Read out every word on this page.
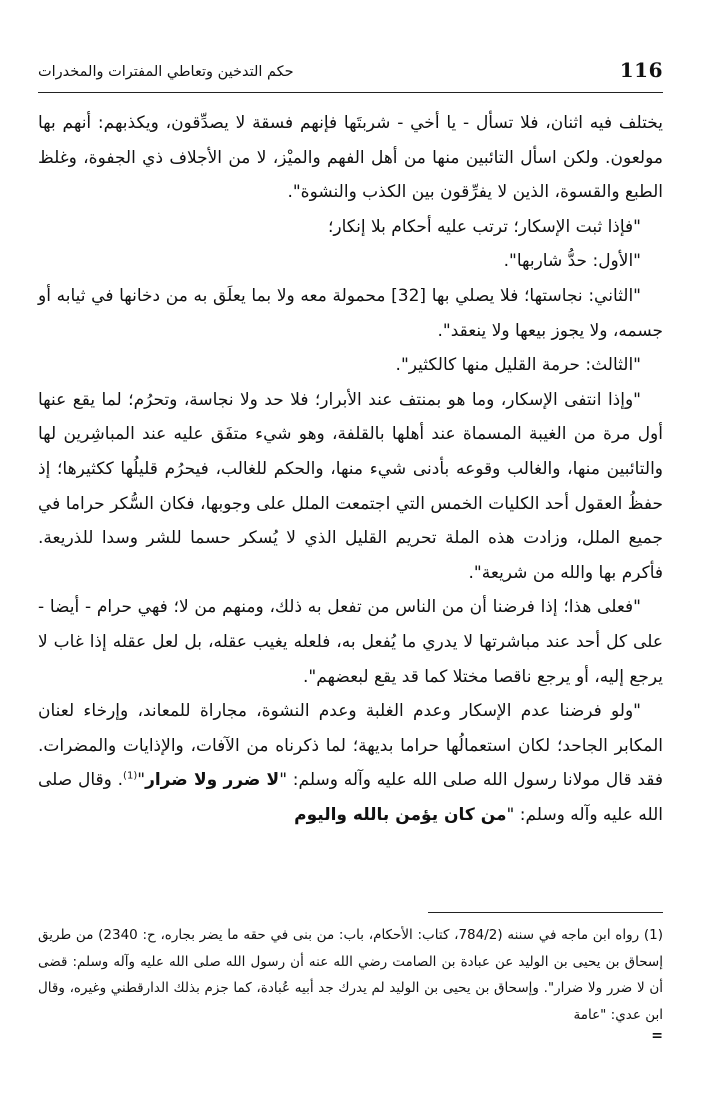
116
حكم التدخين وتعاطي المفترات والمخدرات

يختلف فيه اثنان، فلا تسأل - يا أخي - شربتَها فإنهم فسقة لا يصدِّقون، ويكذبهم: أنهم بها مولعون. ولكن اسأل التائبين منها من أهل الفهم والميْز، لا من الأجلاف ذي الجفوة، وغلظ الطبع والقسوة، الذين لا يفرِّقون بين الكذب والنشوة".

"فإذا ثبت الإسكار؛ ترتب عليه أحكام بلا إنكار؛

"الأول: حدُّ شاربها".

"الثاني: نجاستها؛ فلا يصلي بها [32] محمولة معه ولا بما يعلَق به من دخانها في ثيابه أو جسمه، ولا يجوز بيعها ولا ينعقد".

"الثالث: حرمة القليل منها كالكثير".

"وإذا انتفى الإسكار، وما هو بمنتف عند الأبرار؛ فلا حد ولا نجاسة، وتحرُم؛ لما يقع عنها أول مرة من الغيبة المسماة عند أهلها بالقلفة، وهو شيء متفَق عليه عند المباشِرين لها والتائبين منها، والغالب وقوعه بأدنى شيء منها، والحكم للغالب، فيحرُم قليلُها ككثيرها؛ إذ حفظُ العقول أحد الكليات الخمس التي اجتمعت الملل على وجوبها، فكان السُّكر حراما في جميع الملل، وزادت هذه الملة تحريم القليل الذي لا يُسكر حسما للشر وسدا للذريعة. فأكرم بها والله من شريعة".

"فعلى هذا؛ إذا فرضنا أن من الناس من تفعل به ذلك، ومنهم من لا؛ فهي حرام - أيضا - على كل أحد عند مباشرتها لا يدري ما يُفعل به، فلعله يغيب عقله، بل لعل عقله إذا غاب لا يرجع إليه، أو يرجع ناقصا مختلا كما قد يقع لبعضهم".

"ولو فرضنا عدم الإسكار وعدم الغلبة وعدم النشوة، مجاراة للمعاند، وإرخاء لعنان المكابر الجاحد؛ لكان استعمالُها حراما بديهة؛ لما ذكرناه من الآفات، والإذايات والمضرات. فقد قال مولانا رسول الله صلى الله عليه وآله وسلم: "لا ضرر ولا ضرار"$^{(1)}$. وقال صلى الله عليه وآله وسلم: "من كان يؤمن بالله واليوم

(1) رواه ابن ماجه في سننه (784/2، كتاب: الأحكام، باب: من بنى في حقه ما يضر بجاره، ح: 2340) من طريق إسحاق بن يحيى بن الوليد عن عبادة بن الصامت رضي الله عنه أن رسول الله صلى الله عليه وآله وسلم: قضى أن لا ضرر ولا ضرار". وإسحاق بن يحيى بن الوليد لم يدرك جد أبيه عُبادة، كما جزم بذلك الدارقطني وغيره، وقال ابن عدي: "عامة

=
